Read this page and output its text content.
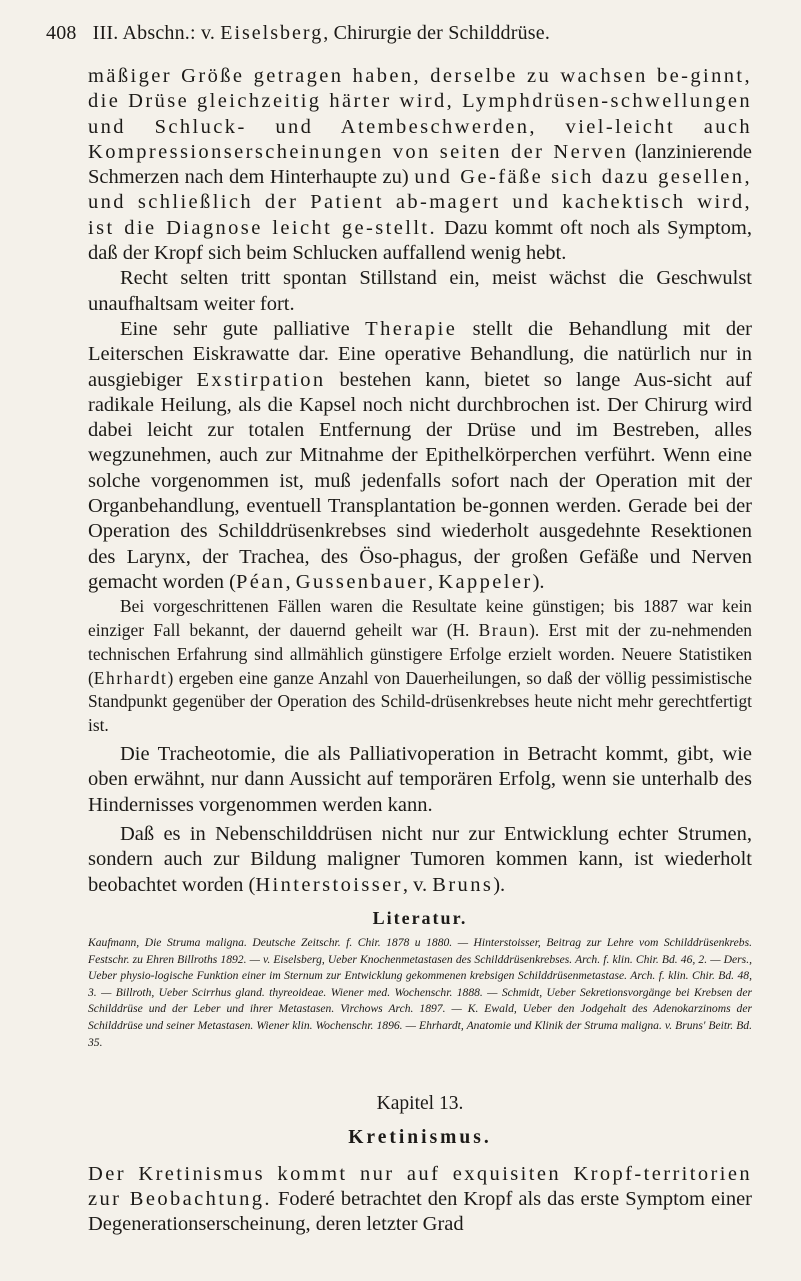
408 III. Abschn.: v. Eiselsberg, Chirurgie der Schilddrüse.

mäßiger Größe getragen haben, derselbe zu wachsen be-ginnt, die Drüse gleichzeitig härter wird, Lymphdrüsen-schwellungen und Schluck- und Atembeschwerden, viel-leicht auch Kompressionserscheinungen von seiten der Nerven (lanzinierende Schmerzen nach dem Hinterhaupte zu) und Ge-fäße sich dazu gesellen, und schließlich der Patient ab-magert und kachektisch wird, ist die Diagnose leicht ge-stellt. Dazu kommt oft noch als Symptom, daß der Kropf sich beim Schlucken auffallend wenig hebt.

Recht selten tritt spontan Stillstand ein, meist wächst die Geschwulst unaufhaltsam weiter fort.

Eine sehr gute palliative Therapie stellt die Behandlung mit der Leiterschen Eiskrawatte dar. Eine operative Behandlung, die natürlich nur in ausgiebiger Exstirpation bestehen kann, bietet so lange Aus-sicht auf radikale Heilung, als die Kapsel noch nicht durchbrochen ist. Der Chirurg wird dabei leicht zur totalen Entfernung der Drüse und im Bestreben, alles wegzunehmen, auch zur Mitnahme der Epithelkörperchen verführt. Wenn eine solche vorgenommen ist, muß jedenfalls sofort nach der Operation mit der Organbehandlung, eventuell Transplantation be-gonnen werden. Gerade bei der Operation des Schilddrüsenkrebses sind wiederholt ausgedehnte Resektionen des Larynx, der Trachea, des Öso-phagus, der großen Gefäße und Nerven gemacht worden (Péan, Gussenbauer, Kappeler).

Bei vorgeschrittenen Fällen waren die Resultate keine günstigen; bis 1887 war kein einziger Fall bekannt, der dauernd geheilt war (H. Braun). Erst mit der zu-nehmenden technischen Erfahrung sind allmählich günstigere Erfolge erzielt worden. Neuere Statistiken (Ehrhardt) ergeben eine ganze Anzahl von Dauerheilungen, so daß der völlig pessimistische Standpunkt gegenüber der Operation des Schild-drüsenkrebses heute nicht mehr gerechtfertigt ist.

Die Tracheotomie, die als Palliativoperation in Betracht kommt, gibt, wie oben erwähnt, nur dann Aussicht auf temporären Erfolg, wenn sie unterhalb des Hindernisses vorgenommen werden kann.

Daß es in Nebenschilddrüsen nicht nur zur Entwicklung echter Strumen, sondern auch zur Bildung maligner Tumoren kommen kann, ist wiederholt beobachtet worden (Hinterstoisser, v. Bruns).

Literatur.

Kaufmann, Die Struma maligna. Deutsche Zeitschr. f. Chir. 1878 u 1880. — Hinterstoisser, Beitrag zur Lehre vom Schilddrüsenkrebs. Festschr. zu Ehren Billroths 1892. — v. Eiselsberg, Ueber Knochenmetastasen des Schilddrüsenkrebses. Arch. f. klin. Chir. Bd. 46, 2. — Ders., Ueber physio-logische Funktion einer im Sternum zur Entwicklung gekommenen krebsigen Schilddrüsenmetastase. Arch. f. klin. Chir. Bd. 48, 3. — Billroth, Ueber Scirrhus gland. thyreoideae. Wiener med. Wochenschr. 1888. — Schmidt, Ueber Sekretionsvorgänge bei Krebsen der Schilddrüse und der Leber und ihrer Metastasen. Virchows Arch. 1897. — K. Ewald, Ueber den Jodgehalt des Adenokarzinoms der Schilddrüse und seiner Metastasen. Wiener klin. Wochenschr. 1896. — Ehrhardt, Anatomie und Klinik der Struma maligna. v. Bruns' Beitr. Bd. 35.

Kapitel 13.
Kretinismus.

Der Kretinismus kommt nur auf exquisiten Kropf-territorien zur Beobachtung. Foderé betrachtet den Kropf als das erste Symptom einer Degenerationserscheinung, deren letzter Grad
